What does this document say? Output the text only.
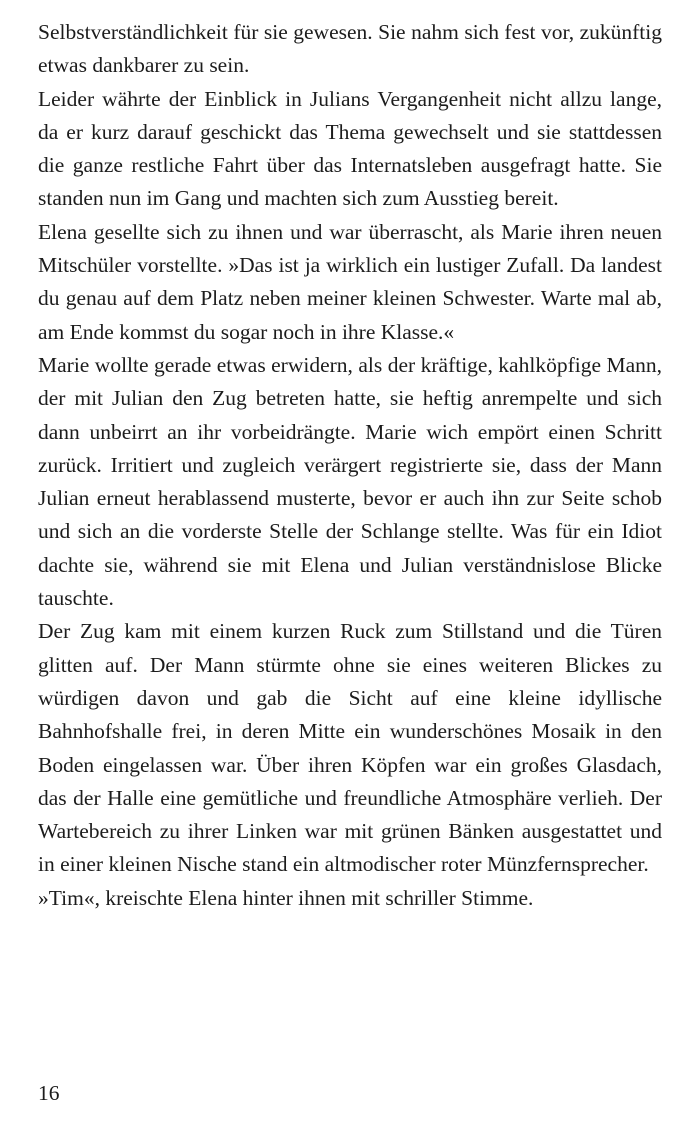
Selbstverständlichkeit für sie gewesen. Sie nahm sich fest vor, zukünftig etwas dankbarer zu sein.

Leider währte der Einblick in Julians Vergangenheit nicht allzu lange, da er kurz darauf geschickt das Thema gewechselt und sie stattdessen die ganze restliche Fahrt über das Internatsleben ausgefragt hatte. Sie standen nun im Gang und machten sich zum Ausstieg bereit.

Elena gesellte sich zu ihnen und war überrascht, als Marie ihren neuen Mitschüler vorstellte. »Das ist ja wirklich ein lustiger Zufall. Da landest du genau auf dem Platz neben meiner kleinen Schwester. Warte mal ab, am Ende kommst du sogar noch in ihre Klasse.«

Marie wollte gerade etwas erwidern, als der kräftige, kahlköpfige Mann, der mit Julian den Zug betreten hatte, sie heftig anrempelte und sich dann unbeirrt an ihr vorbeidrängte. Marie wich empört einen Schritt zurück. Irritiert und zugleich verärgert registrierte sie, dass der Mann Julian erneut herablassend musterte, bevor er auch ihn zur Seite schob und sich an die vorderste Stelle der Schlange stellte. Was für ein Idiot dachte sie, während sie mit Elena und Julian verständnislose Blicke tauschte.

Der Zug kam mit einem kurzen Ruck zum Stillstand und die Türen glitten auf. Der Mann stürmte ohne sie eines weiteren Blickes zu würdigen davon und gab die Sicht auf eine kleine idyllische Bahnhofshalle frei, in deren Mitte ein wunderschönes Mosaik in den Boden eingelassen war. Über ihren Köpfen war ein großes Glasdach, das der Halle eine gemütliche und freundliche Atmosphäre verlieh. Der Wartebereich zu ihrer Linken war mit grünen Bänken ausgestattet und in einer kleinen Nische stand ein altmodischer roter Münzfernsprecher.

»Tim«, kreischte Elena hinter ihnen mit schriller Stimme.

16
